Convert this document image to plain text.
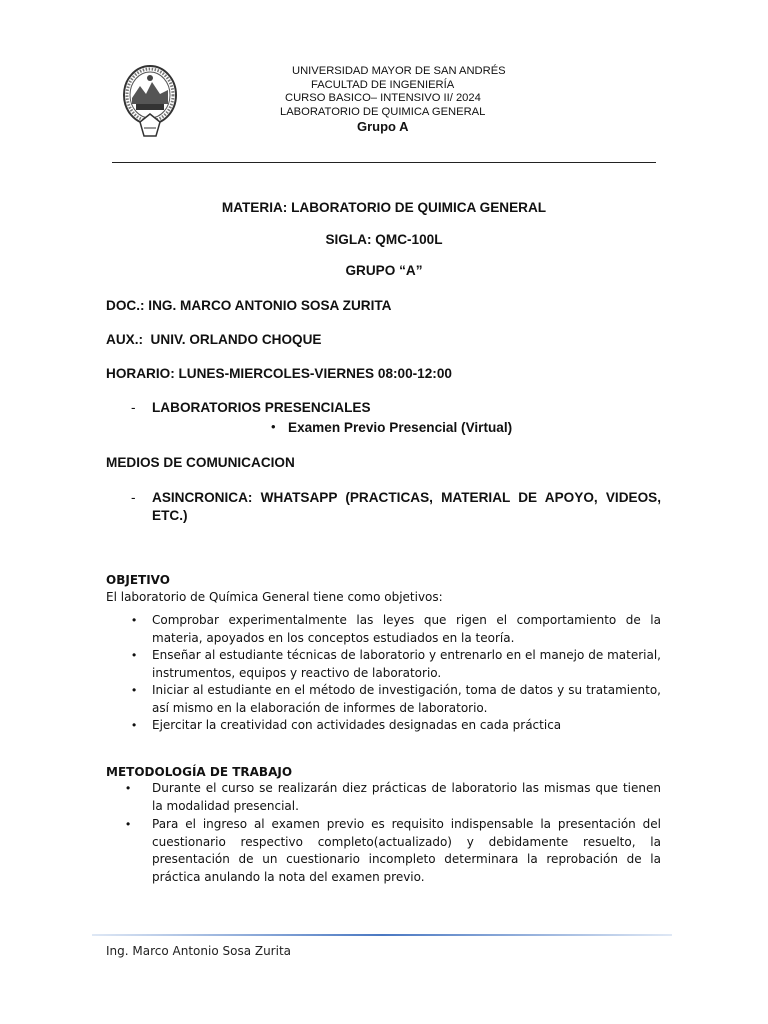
UNIVERSIDAD MAYOR DE SAN ANDRÉS
FACULTAD DE INGENIERÍA
CURSO BASICO– INTENSIVO II/ 2024
LABORATORIO DE QUIMICA GENERAL
Grupo A
MATERIA: LABORATORIO DE QUIMICA GENERAL
SIGLA: QMC-100L
GRUPO “A”
DOC.: ING. MARCO ANTONIO SOSA ZURITA
AUX.:  UNIV. ORLANDO CHOQUE
HORARIO: LUNES-MIERCOLES-VIERNES 08:00-12:00
- LABORATORIOS PRESENCIALES
• Examen Previo Presencial (Virtual)
MEDIOS DE COMUNICACION
- ASINCRONICA: WHATSAPP (PRACTICAS, MATERIAL DE APOYO, VIDEOS, ETC.)
OBJETIVO
El laboratorio de Química General tiene como objetivos:
• Comprobar experimentalmente las leyes que rigen el comportamiento de la materia, apoyados en los conceptos estudiados en la teoría.
• Enseñar al estudiante técnicas de laboratorio y entrenarlo en el manejo de material, instrumentos, equipos y reactivo de laboratorio.
• Iniciar al estudiante en el método de investigación, toma de datos y su tratamiento, así mismo en la elaboración de informes de laboratorio.
• Ejercitar la creatividad con actividades designadas en cada práctica
METODOLOGÍA DE TRABAJO
• Durante el curso se realizarán diez prácticas de laboratorio las mismas que tienen la modalidad presencial.
• Para el ingreso al examen previo es requisito indispensable la presentación del cuestionario respectivo completo(actualizado) y debidamente resuelto, la presentación de un cuestionario incompleto determinara la reprobación de la práctica anulando la nota del examen previo.
Ing. Marco Antonio Sosa Zurita
